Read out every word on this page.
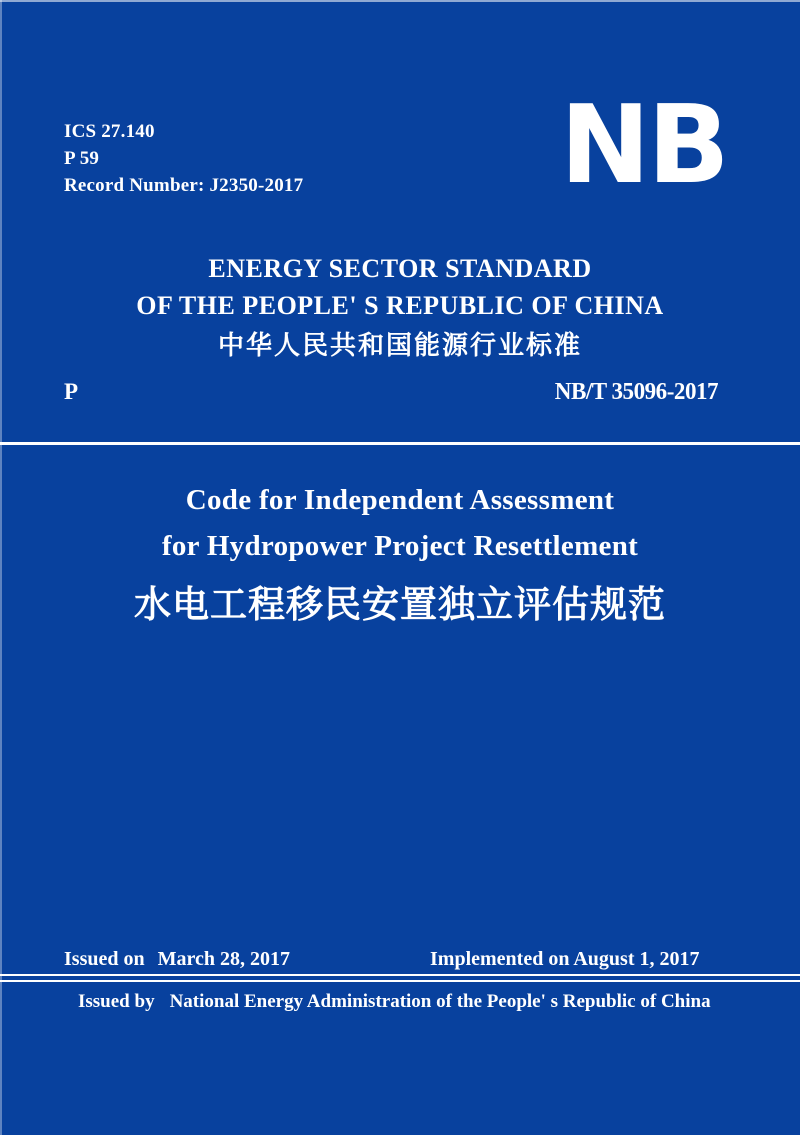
ICS 27.140
P 59
Record Number: J2350-2017 NB
ENERGY SECTOR STANDARD
OF THE PEOPLE' S REPUBLIC OF CHINA
中华人民共和国能源行业标准
P	NB/T 35096-2017
Code for Independent Assessment
for Hydropower Project Resettlement
水电工程移民安置独立评估规范
Issued on March 28, 2017	Implemented on August 1, 2017
Issued by National Energy Administration of the People' s Republic of China
